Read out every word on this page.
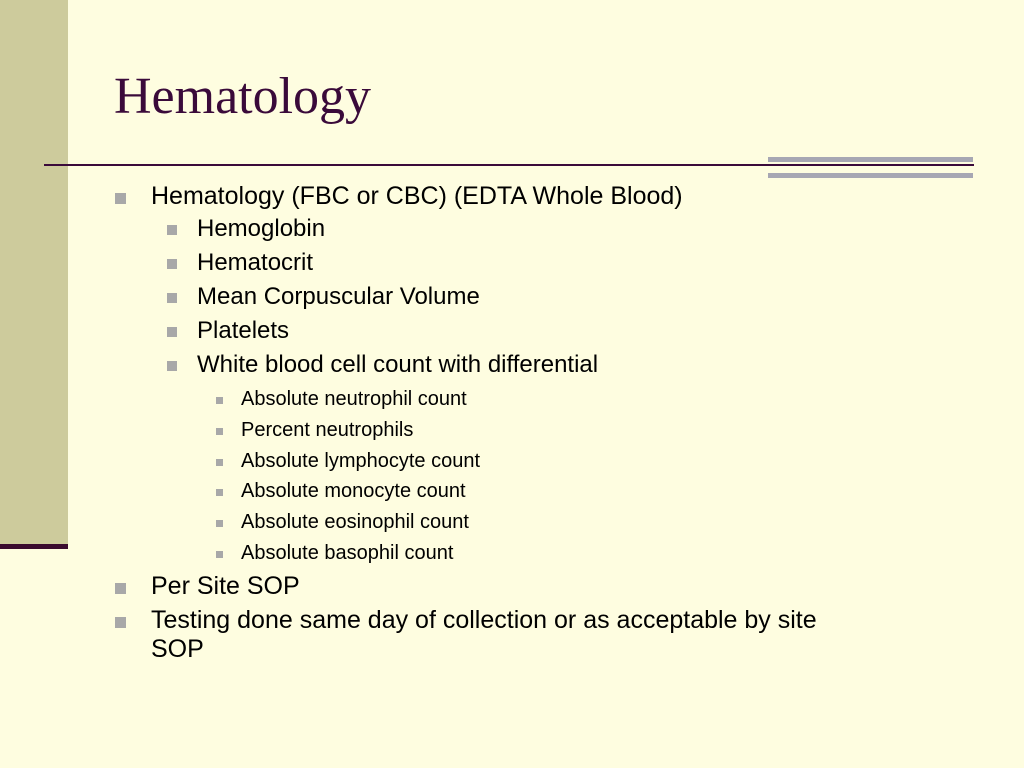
Hematology
Hematology (FBC or CBC) (EDTA Whole Blood)
Hemoglobin
Hematocrit
Mean Corpuscular Volume
Platelets
White blood cell count with differential
Absolute neutrophil count
Percent neutrophils
Absolute lymphocyte count
Absolute monocyte count
Absolute eosinophil count
Absolute basophil count
Per Site SOP
Testing done same day of collection or as acceptable by site
SOP
